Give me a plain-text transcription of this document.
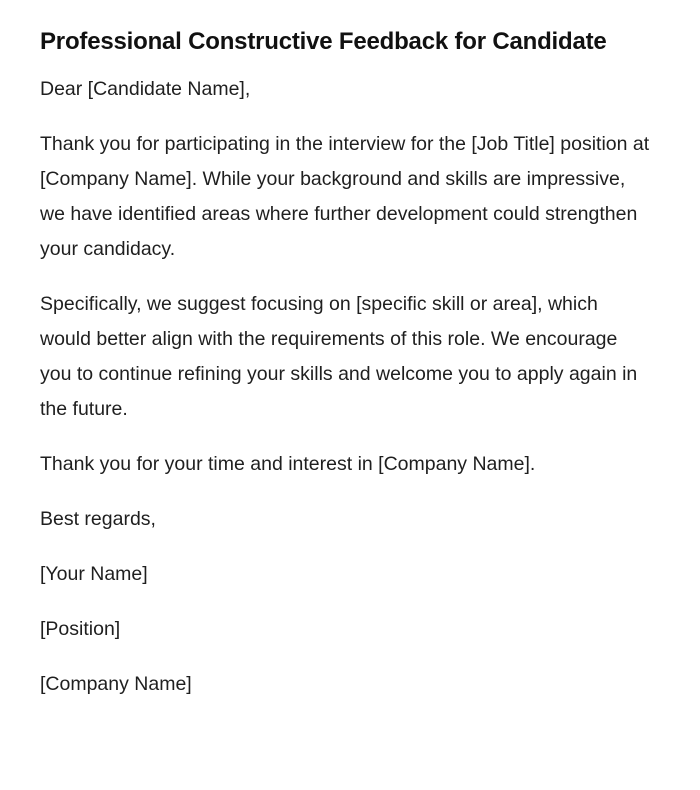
Professional Constructive Feedback for Candidate

Dear [Candidate Name],

Thank you for participating in the interview for the [Job Title] position at [Company Name]. While your background and skills are impressive, we have identified areas where further development could strengthen your candidacy.

Specifically, we suggest focusing on [specific skill or area], which would better align with the requirements of this role. We encourage you to continue refining your skills and welcome you to apply again in the future.

Thank you for your time and interest in [Company Name].

Best regards,

[Your Name]

[Position]

[Company Name]
